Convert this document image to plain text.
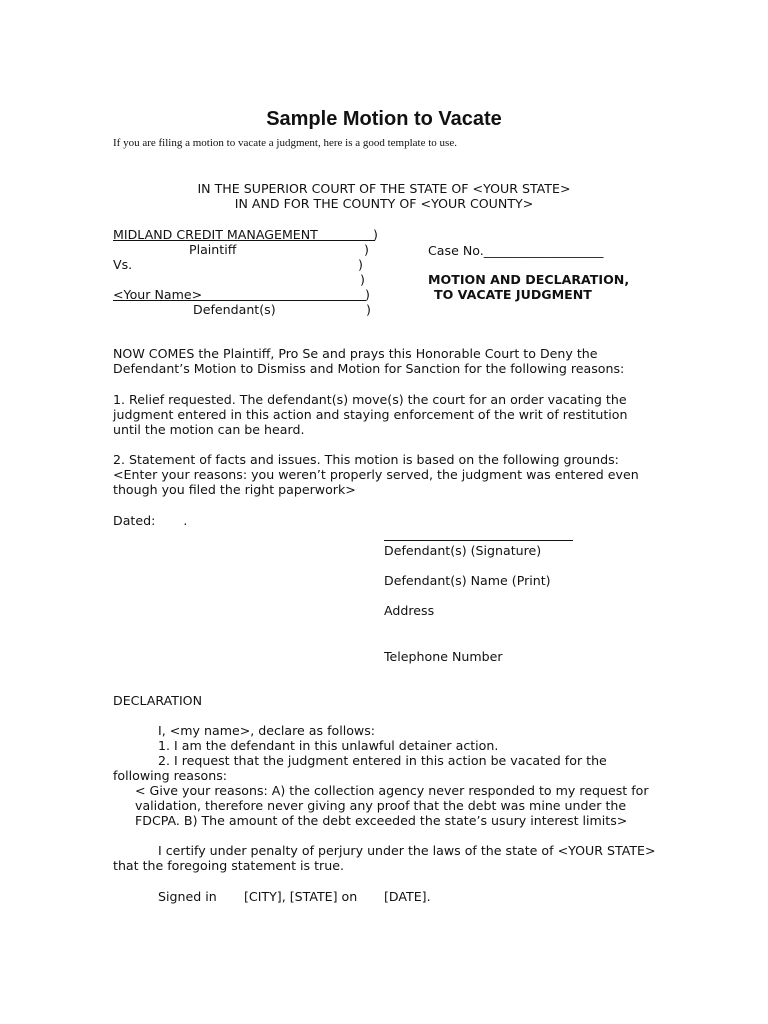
Sample Motion to Vacate
If you are filing a motion to vacate a judgment, here is a good template to use.
IN THE SUPERIOR COURT OF THE STATE OF <YOUR STATE>
IN AND FOR THE COUNTY OF <YOUR COUNTY>
MIDLAND CREDIT MANAGEMENT	)
Plaintiff	)
Vs.	)
)
<Your Name>	)
Defendant(s)	)
Case No.___________________
MOTION AND DECLARATION,
TO VACATE JUDGMENT
NOW COMES the Plaintiff, Pro Se and prays this Honorable Court to Deny the Defendant’s Motion to Dismiss and Motion for Sanction for the following reasons:
1. Relief requested. The defendant(s) move(s) the court for an order vacating the judgment entered in this action and staying enforcement of the writ of restitution until the motion can be heard.
2. Statement of facts and issues. This motion is based on the following grounds: <Enter your reasons: you weren’t properly served, the judgment was entered even though you filed the right paperwork>
Dated:       .
Defendant(s) (Signature)
Defendant(s) Name (Print)
Address
Telephone Number
DECLARATION
I, <my name>, declare as follows:
1. I am the defendant in this unlawful detainer action.
2. I request that the judgment entered in this action be vacated for the
following reasons:
< Give your reasons: A) the collection agency never responded to my request for
validation, therefore never giving any proof that the debt was mine under the
FDCPA. B) The amount of the debt exceeded the state’s usury interest limits>
I certify under penalty of perjury under the laws of the state of <YOUR STATE>
that the foregoing statement is true.
Signed in [CITY], [STATE] on [DATE].
